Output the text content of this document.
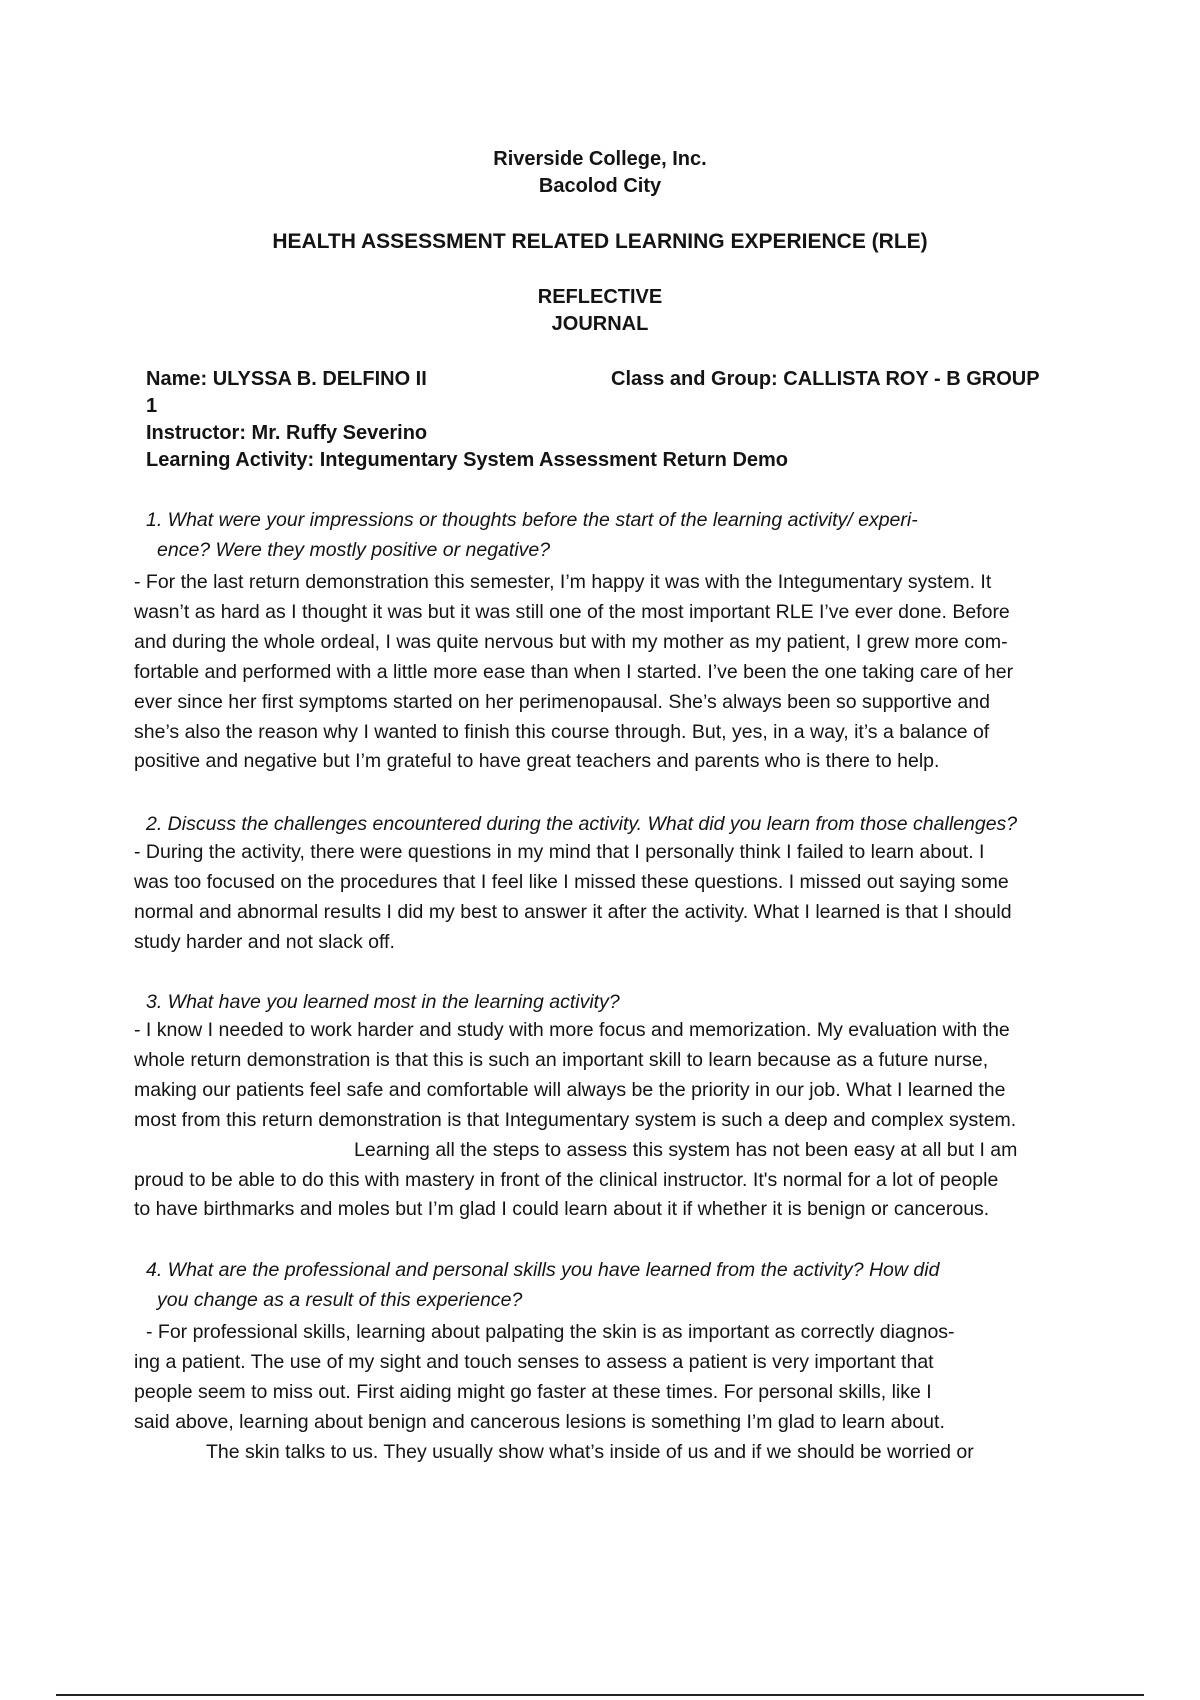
Riverside College, Inc.
Bacolod City
HEALTH ASSESSMENT RELATED LEARNING EXPERIENCE (RLE)
REFLECTIVE
JOURNAL
Name: ULYSSA B. DELFINO II
1
Class and Group: CALLISTA ROY - B GROUP
Instructor: Mr. Ruffy Severino
Learning Activity: Integumentary System Assessment Return Demo
1. What were your impressions or thoughts before the start of the learning activity/ experi-
ence? Were they mostly positive or negative?
- For the last return demonstration this semester, I’m happy it was with the Integumentary system. It
wasn’t as hard as I thought it was but it was still one of the most important RLE I’ve ever done. Before
and during the whole ordeal, I was quite nervous but with my mother as my patient, I grew more com-
fortable and performed with a little more ease than when I started. I’ve been the one taking care of her
ever since her first symptoms started on her perimenopausal. She’s always been so supportive and
she’s also the reason why I wanted to finish this course through. But, yes, in a way, it’s a balance of
positive and negative but I’m grateful to have great teachers and parents who is there to help.
2. Discuss the challenges encountered during the activity. What did you learn from those challenges?
- During the activity, there were questions in my mind that I personally think I failed to learn about. I
was too focused on the procedures that I feel like I missed these questions. I missed out saying some
normal and abnormal results I did my best to answer it after the activity. What I learned is that I should
study harder and not slack off.
3. What have you learned most in the learning activity?
- I know I needed to work harder and study with more focus and memorization. My evaluation with the
whole return demonstration is that this is such an important skill to learn because as a future nurse,
making our patients feel safe and comfortable will always be the priority in our job. What I learned the
most from this return demonstration is that Integumentary system is such a deep and complex system.
Learning all the steps to assess this system has not been easy at all but I am
proud to be able to do this with mastery in front of the clinical instructor. It's normal for a lot of people
to have birthmarks and moles but I’m glad I could learn about it if whether it is benign or cancerous.
4. What are the professional and personal skills you have learned from the activity? How did
you change as a result of this experience?
- For professional skills, learning about palpating the skin is as important as correctly diagnos-
ing a patient. The use of my sight and touch senses to assess a patient is very important that
people seem to miss out. First aiding might go faster at these times. For personal skills, like I
said above, learning about benign and cancerous lesions is something I’m glad to learn about.
The skin talks to us. They usually show what’s inside of us and if we should be worried or
